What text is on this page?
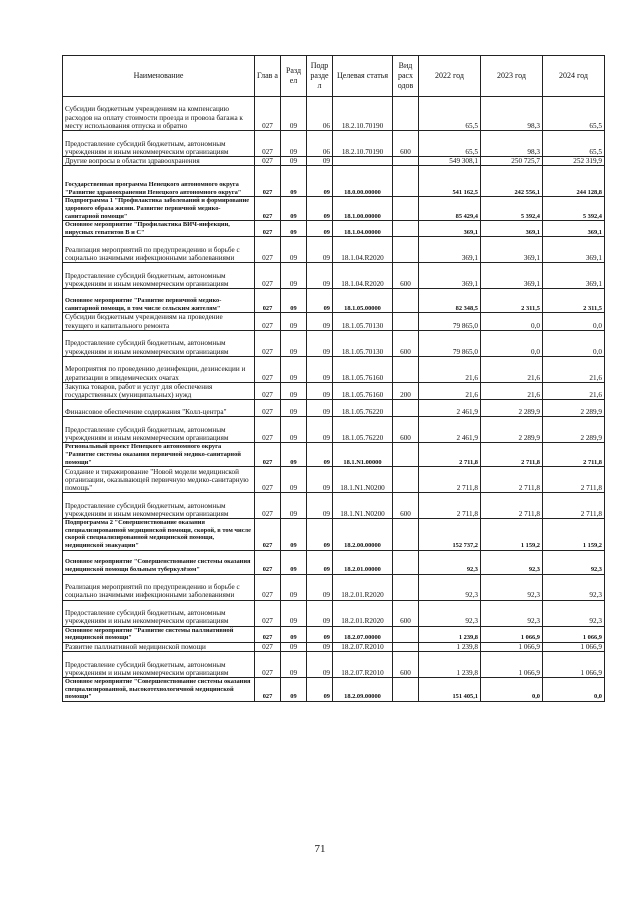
Наименование	Глав а	Разд ел	Подр разде л	Целевая статья	Вид расх одов	2022 год	2023 год	2024 год
Субсидии бюджетным учреждениям на компенсацию расходов на оплату стоимости проезда и провоза багажа к месту использования отпуска и обратно	027	09	06	18.2.10.70190		65,5	98,3	65,5
Предоставление субсидий бюджетным, автономным учреждениям и иным некоммерческим организациям	027	09	06	18.2.10.70190	600	65,5	98,3	65,5
Другие вопросы в области здравоохранения	027	09	09			549 308,1	250 725,7	252 319,9
Государственная программа Ненецкого автономного округа "Развитие здравоохранения Ненецкого автономного округа"	027	09	09	18.0.00.00000		541 162,5	242 556,1	244 128,8
Подпрограмма 1 "Профилактика заболеваний и формирование здорового образа жизни. Развитие первичной медико-санитарной помощи"	027	09	09	18.1.00.00000		85 429,4	5 392,4	5 392,4
Основное мероприятие "Профилактика ВИЧ-инфекции, вирусных гепатитов В и С"	027	09	09	18.1.04.00000		369,1	369,1	369,1
Реализация мероприятий по предупреждению и борьбе с социально значимыми инфекционными заболеваниями	027	09	09	18.1.04.R2020		369,1	369,1	369,1
Предоставление субсидий бюджетным, автономным учреждениям и иным некоммерческим организациям	027	09	09	18.1.04.R2020	600	369,1	369,1	369,1
Основное мероприятие "Развитие первичной медико-санитарной помощи, в том числе сельским жителям"	027	09	09	18.1.05.00000		82 348,5	2 311,5	2 311,5
Субсидии бюджетным учреждениям на проведение текущего и капитального ремонта	027	09	09	18.1.05.70130		79 865,0	0,0	0,0
Предоставление субсидий бюджетным, автономным учреждениям и иным некоммерческим организациям	027	09	09	18.1.05.70130	600	79 865,0	0,0	0,0
Мероприятия по проведению дезинфекции, дезинсекции и дератизации в эпидемических очагах	027	09	09	18.1.05.76160		21,6	21,6	21,6
Закупка товаров, работ и услуг для обеспечения государственных (муниципальных) нужд	027	09	09	18.1.05.76160	200	21,6	21,6	21,6
Финансовое обеспечение содержания "Колл-центра"	027	09	09	18.1.05.76220		2 461,9	2 289,9	2 289,9
Предоставление субсидий бюджетным, автономным учреждениям и иным некоммерческим организациям	027	09	09	18.1.05.76220	600	2 461,9	2 289,9	2 289,9
Региональный проект Ненецкого автономного округа "Развитие системы оказания первичной медико-санитарной помощи"	027	09	09	18.1.N1.00000		2 711,8	2 711,8	2 711,8
Создание и тиражирование "Новой модели медицинской организации, оказывающей первичную медико-санитарную помощь"	027	09	09	18.1.N1.N0200		2 711,8	2 711,8	2 711,8
Предоставление субсидий бюджетным, автономным учреждениям и иным некоммерческим организациям	027	09	09	18.1.N1.N0200	600	2 711,8	2 711,8	2 711,8
Подпрограмма 2 "Совершенствование оказания специализированной медицинской помощи, скорой, в том числе скорой специализированной медицинской помощи, медицинской эвакуации"	027	09	09	18.2.00.00000		152 737,2	1 159,2	1 159,2
Основное мероприятие "Совершенствование системы оказания медицинской помощи больным туберкулёзом"	027	09	09	18.2.01.00000		92,3	92,3	92,3
Реализация мероприятий по предупреждению и борьбе с социально значимыми инфекционными заболеваниями	027	09	09	18.2.01.R2020		92,3	92,3	92,3
Предоставление субсидий бюджетным, автономным учреждениям и иным некоммерческим организациям	027	09	09	18.2.01.R2020	600	92,3	92,3	92,3
Основное мероприятие "Развитие системы паллиативной медицинской помощи"	027	09	09	18.2.07.00000		1 239,8	1 066,9	1 066,9
Развитие паллиативной медицинской помощи	027	09	09	18.2.07.R2010		1 239,8	1 066,9	1 066,9
Предоставление субсидий бюджетным, автономным учреждениям и иным некоммерческим организациям	027	09	09	18.2.07.R2010	600	1 239,8	1 066,9	1 066,9
Основное мероприятие "Совершенствование системы оказания специализированной, высокотехнологичной медицинской помощи"	027	09	09	18.2.09.00000		151 405,1	0,0	0,0
71
